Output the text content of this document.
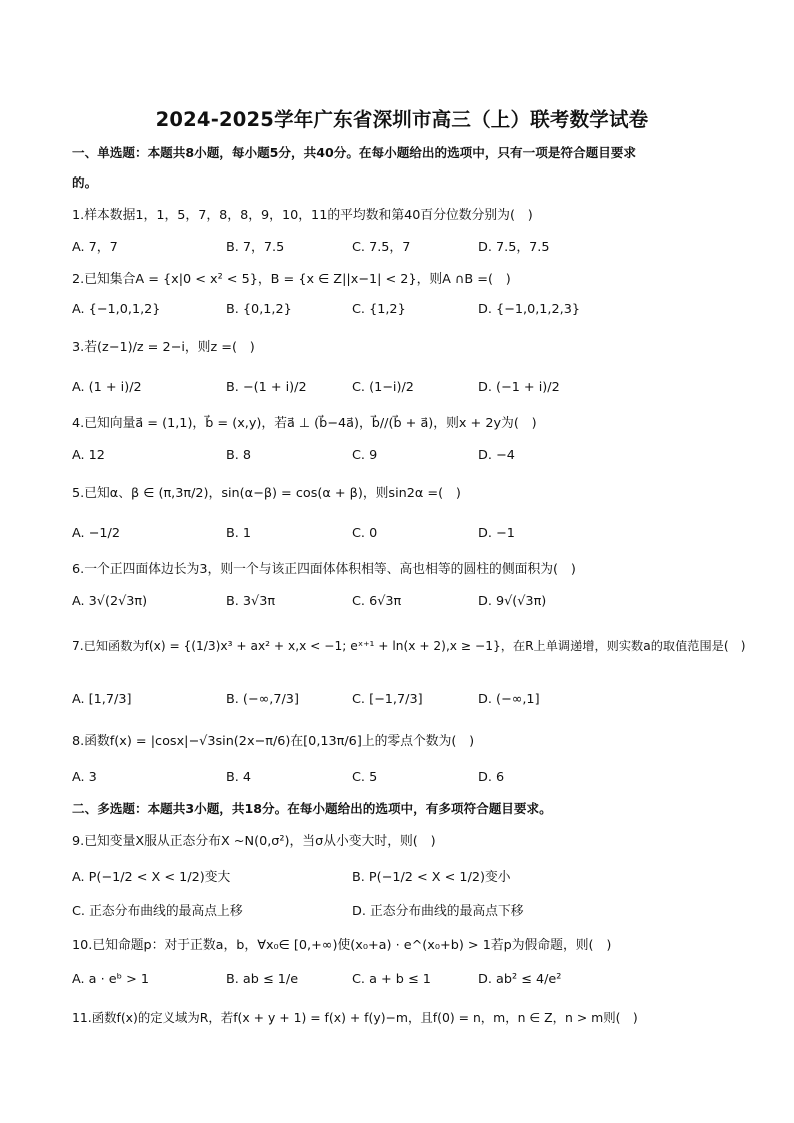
2024-2025学年广东省深圳市高三（上）联考数学试卷
一、单选题：本题共8小题，每小题5分，共40分。在每小题给出的选项中，只有一项是符合题目要求
的。
1.样本数据1，1，5，7，8，8，9，10，11的平均数和第40百分位数分别为(　)
A. 7，7	B. 7，7.5	C. 7.5，7	D. 7.5，7.5
2.已知集合A = {x|0 < x² < 5}，B = {x ∈ Z||x−1| < 2}，则A ∩B =(　)
A. {−1,0,1,2}	B. {0,1,2}	C. {1,2}	D. {−1,0,1,2,3}
3.若(z−1)/z = 2−i，则z =(　)
A. (1 + i)/2	B. −(1 + i)/2	C. (1−i)/2	D. (−1 + i)/2
4.已知向量a⃗ = (1,1)，b⃗ = (x,y)，若a⃗ ⊥ (b⃗−4a⃗)，b⃗//(b⃗ + a⃗)，则x + 2y为(　)
A. 12	B. 8	C. 9	D. −4
5.已知α、β ∈ (π,3π/2)，sin(α−β) = cos(α + β)，则sin2α =(　)
A. −1/2	B. 1	C. 0	D. −1
6.一个正四面体边长为3，则一个与该正四面体体积相等、高也相等的圆柱的侧面积为(　)
A. 3√(2√3π)	B. 3√3π	C. 6√3π	D. 9√(√3π)
7.已知函数为f(x) = {(1/3)x³ + ax² + x,x < −1; eˣ⁺¹ + ln(x + 2),x ≥ −1}，在R上单调递增，则实数a的取值范围是(　)
A. [1,7/3]	B. (−∞,7/3]	C. [−1,7/3]	D. (−∞,1]
8.函数f(x) = |cosx|−√3sin(2x−π/6)在[0,13π/6]上的零点个数为(　)
A. 3	B. 4	C. 5	D. 6
二、多选题：本题共3小题，共18分。在每小题给出的选项中，有多项符合题目要求。
9.已知变量X服从正态分布X ~N(0,σ²)，当σ从小变大时，则(　)
A. P(−1/2 < X < 1/2)变大	B. P(−1/2 < X < 1/2)变小
C. 正态分布曲线的最高点上移	D. 正态分布曲线的最高点下移
10.已知命题p：对于正数a，b，∀x₀∈ [0,+∞)使(x₀+a) · e^(x₀+b) > 1若p为假命题，则(　)
A. a · eᵇ > 1	B. ab ≤ 1/e	C. a + b ≤ 1	D. ab² ≤ 4/e²
11.函数f(x)的定义域为R，若f(x + y + 1) = f(x) + f(y)−m，且f(0) = n，m，n ∈ Z，n > m则(　)
